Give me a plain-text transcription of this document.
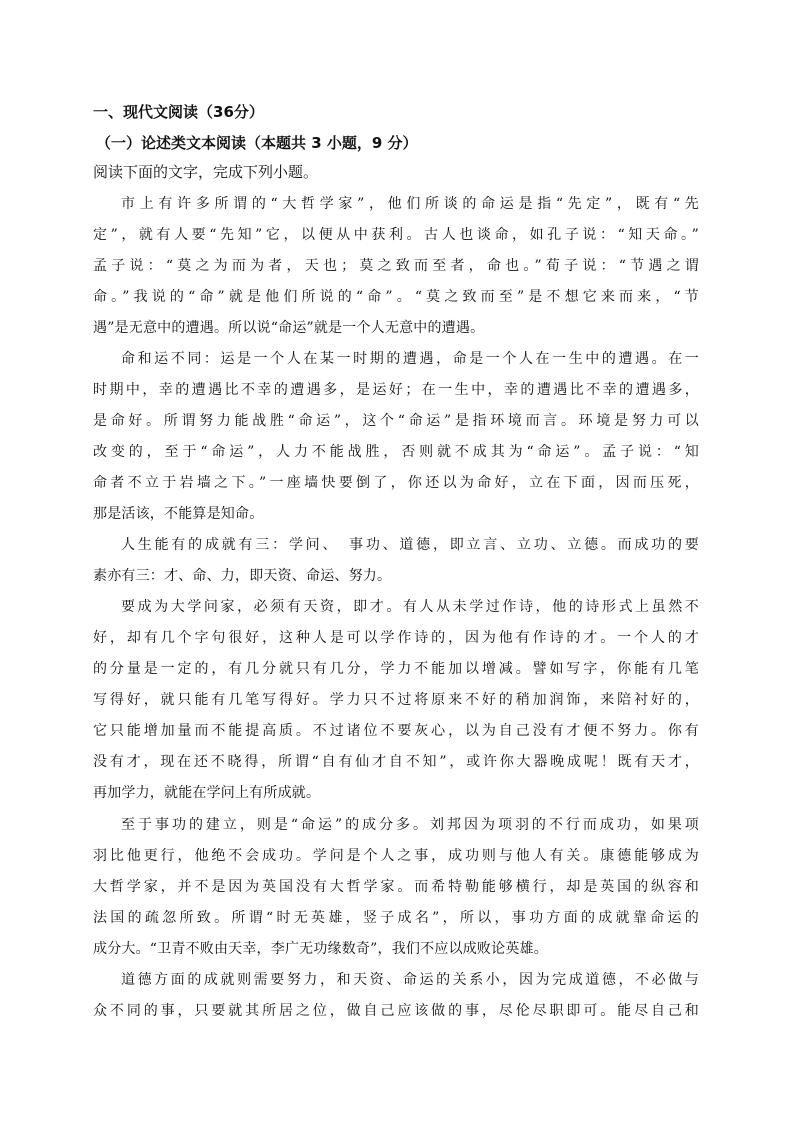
一、现代文阅读（36分）
（一）论述类文本阅读（本题共 3 小题，9 分）
阅读下面的文字，完成下列小题。
市上有许多所谓的“大哲学家”，他们所谈的命运是指“先定”，既有“先
定”，就有人要“先知”它，以便从中获利。古人也谈命，如孔子说：“知天命。”
孟子说：“莫之为而为者，天也；莫之致而至者，命也。”荀子说：“节遇之谓
命。”我说的“命”就是他们所说的“命”。“莫之致而至”是不想它来而来，“节
遇”是无意中的遭遇。所以说“命运”就是一个人无意中的遭遇。
命和运不同：运是一个人在某一时期的遭遇，命是一个人在一生中的遭遇。在一
时期中，幸的遭遇比不幸的遭遇多，是运好；在一生中，幸的遭遇比不幸的遭遇多，
是命好。所谓努力能战胜“命运”，这个“命运”是指环境而言。环境是努力可以
改变的，至于“命运”，人力不能战胜，否则就不成其为“命运”。孟子说：“知
命者不立于岩墙之下。”一座墙快要倒了，你还以为命好，立在下面，因而压死，
那是活该，不能算是知命。
人生能有的成就有三：学问、　事功、道德，即立言、立功、立德。而成功的要
素亦有三：才、命、力，即天资、命运、努力。
要成为大学问家，必须有天资，即才。有人从未学过作诗，他的诗形式上虽然不
好，却有几个字句很好，这种人是可以学作诗的，因为他有作诗的才。一个人的才
的分量是一定的，有几分就只有几分，学力不能加以增减。譬如写字，你能有几笔
写得好，就只能有几笔写得好。学力只不过将原来不好的稍加润饰，来陪衬好的，
它只能增加量而不能提高质。不过诸位不要灰心，以为自己没有才便不努力。你有
没有才，现在还不晓得，所谓“自有仙才自不知”，或许你大器晚成呢！既有天才，
再加学力，就能在学问上有所成就。
至于事功的建立，则是“命运”的成分多。刘邦因为项羽的不行而成功，如果项
羽比他更行，他绝不会成功。学问是个人之事，成功则与他人有关。康德能够成为
大哲学家，并不是因为英国没有大哲学家。而希特勒能够横行，却是英国的纵容和
法国的疏忽所致。所谓“时无英雄，竖子成名”，所以，事功方面的成就靠命运的
成分大。“卫青不败由天幸，李广无功缘数奇”，我们不应以成败论英雄。
道德方面的成就则需要努力，和天资、命运的关系小，因为完成道德，不必做与
众不同的事，只要就其所居之位，做自己应该做的事，尽伦尽职即可。能尽自己和
